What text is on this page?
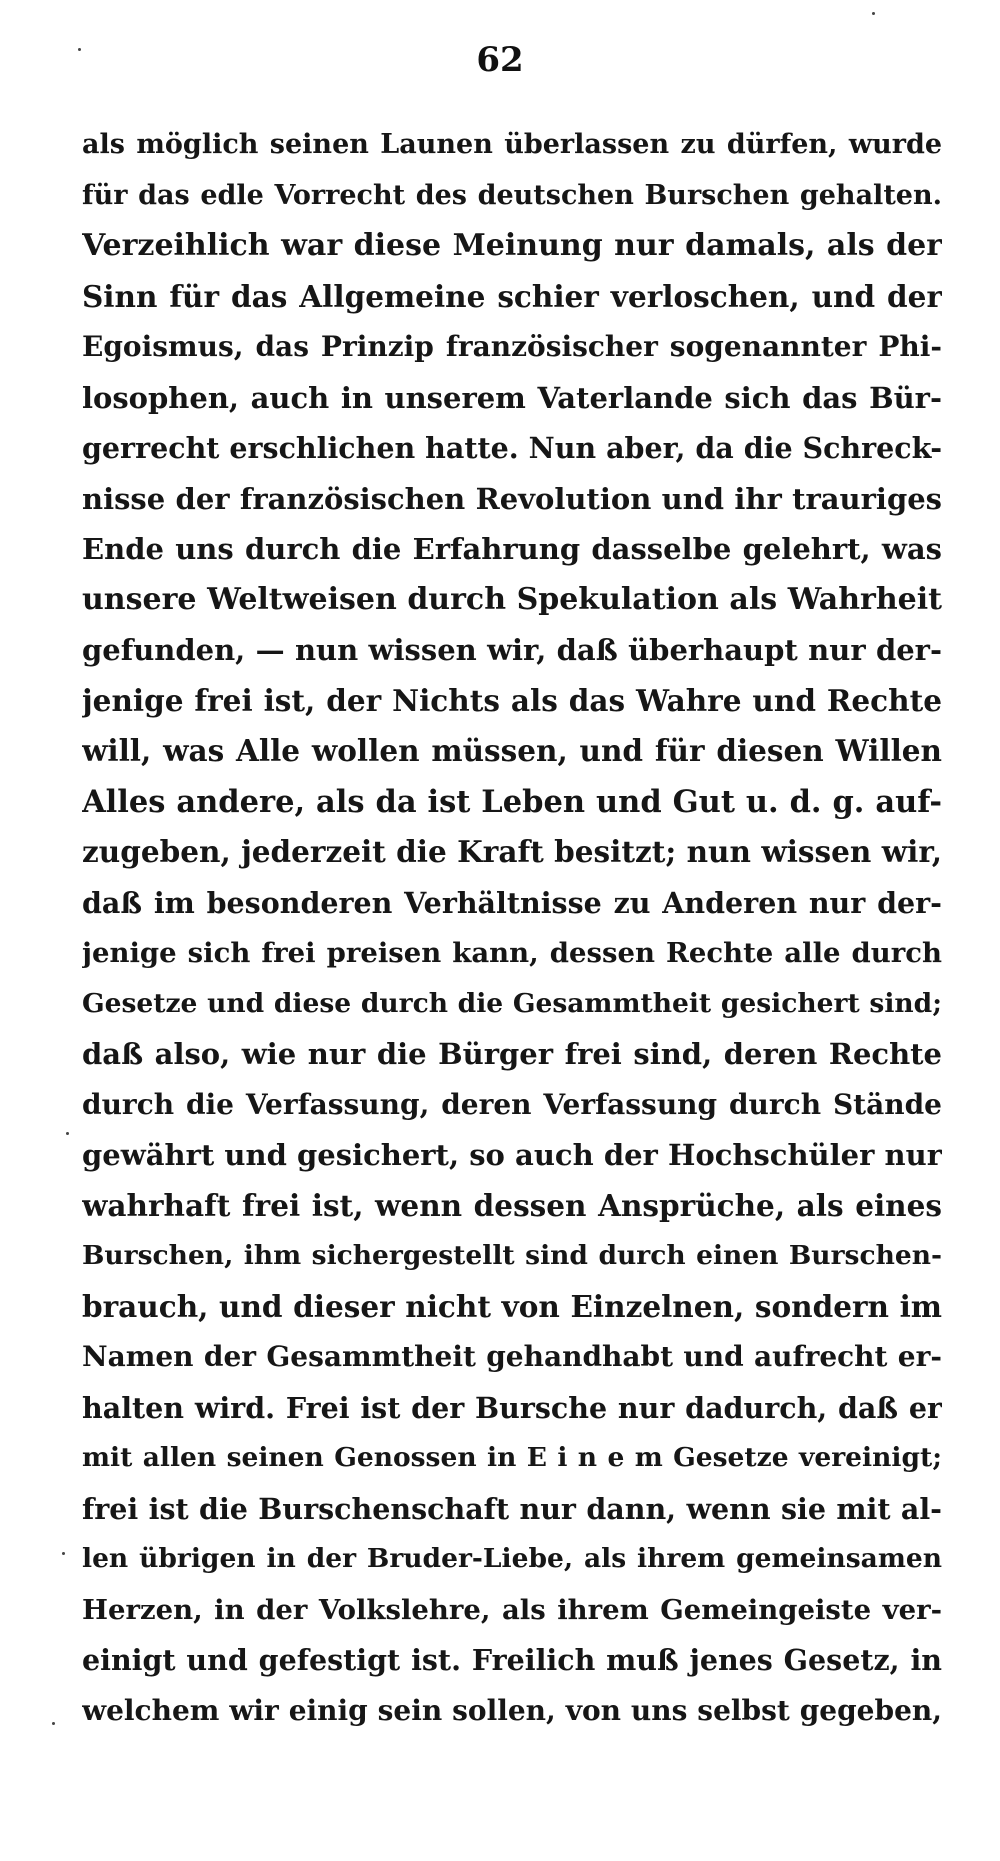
62
als möglich seinen Launen überlassen zu dürfen, wurde
für das edle Vorrecht des deutschen Burschen gehalten.
Verzeihlich war diese Meinung nur damals, als der
Sinn für das Allgemeine schier verloschen, und der
Egoismus, das Prinzip französischer sogenannter Phi-
losophen, auch in unserem Vaterlande sich das Bür-
gerrecht erschlichen hatte. Nun aber, da die Schreck-
nisse der französischen Revolution und ihr trauriges
Ende uns durch die Erfahrung dasselbe gelehrt, was
unsere Weltweisen durch Spekulation als Wahrheit
gefunden, — nun wissen wir, daß überhaupt nur der-
jenige frei ist, der Nichts als das Wahre und Rechte
will, was Alle wollen müssen, und für diesen Willen
Alles andere, als da ist Leben und Gut u. d. g. auf-
zugeben, jederzeit die Kraft besitzt; nun wissen wir,
daß im besonderen Verhältnisse zu Anderen nur der-
jenige sich frei preisen kann, dessen Rechte alle durch
Gesetze und diese durch die Gesammtheit gesichert sind;
daß also, wie nur die Bürger frei sind, deren Rechte
durch die Verfassung, deren Verfassung durch Stände
gewährt und gesichert, so auch der Hochschüler nur
wahrhaft frei ist, wenn dessen Ansprüche, als eines
Burschen, ihm sichergestellt sind durch einen Burschen-
brauch, und dieser nicht von Einzelnen, sondern im
Namen der Gesammtheit gehandhabt und aufrecht er-
halten wird. Frei ist der Bursche nur dadurch, daß er
mit allen seinen Genossen in E i n e m Gesetze vereinigt;
frei ist die Burschenschaft nur dann, wenn sie mit al-
len übrigen in der Bruder-Liebe, als ihrem gemeinsamen
Herzen, in der Volkslehre, als ihrem Gemeingeiste ver-
einigt und gefestigt ist. Freilich muß jenes Gesetz, in
welchem wir einig sein sollen, von uns selbst gegeben,
